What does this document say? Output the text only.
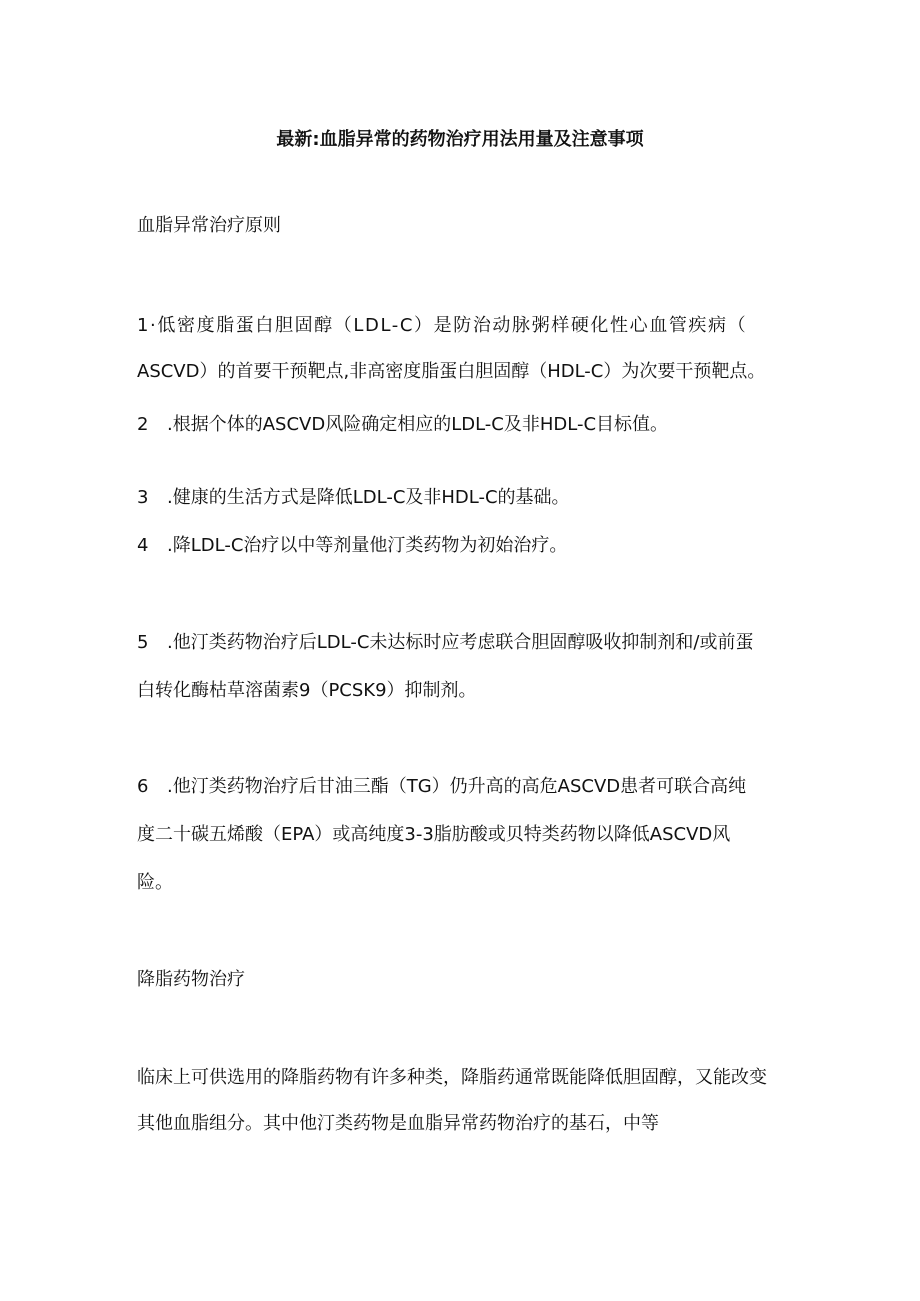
最新:血脂异常的药物治疗用法用量及注意事项

血脂异常治疗原则

1·低密度脂蛋白胆固醇（LDL-C）是防治动脉粥样硬化性心血管疾病（

ASCVD）的首要干预靶点,非高密度脂蛋白胆固醇（HDL-C）为次要干预靶点。

2 .根据个体的ASCVD风险确定相应的LDL-C及非HDL-C目标值。

3 .健康的生活方式是降低LDL-C及非HDL-C的基础。

4 .降LDL-C治疗以中等剂量他汀类药物为初始治疗。

5 .他汀类药物治疗后LDL-C未达标时应考虑联合胆固醇吸收抑制剂和/或前蛋

白转化酶枯草溶菌素9（PCSK9）抑制剂。

6 .他汀类药物治疗后甘油三酯（TG）仍升高的高危ASCVD患者可联合高纯

度二十碳五烯酸（EPA）或高纯度3-3脂肪酸或贝特类药物以降低ASCVD风

险。

降脂药物治疗

临床上可供选用的降脂药物有许多种类，降脂药通常既能降低胆固醇，又能改变

其他血脂组分。其中他汀类药物是血脂异常药物治疗的基石，中等
